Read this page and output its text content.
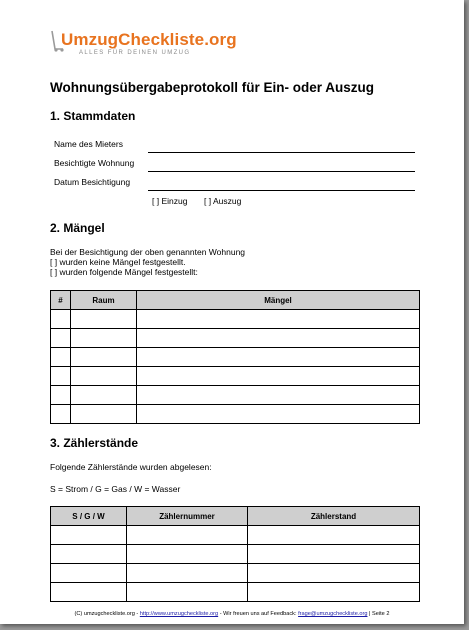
UmzugCheckliste.org
ALLES FÜR DEINEN UMZUG
Wohnungsübergabeprotokoll für Ein- oder Auszug
1. Stammdaten
Name des Mieters
Besichtigte Wohnung
Datum Besichtigung
[ ] Einzug [ ] Auszug
2. Mängel
Bei der Besichtigung der oben genannten Wohnung
[ ] wurden keine Mängel festgestellt.
[ ] wurden folgende Mängel festgestellt:
#	Raum	Mängel

3. Zählerstände
Folgende Zählerstände wurden abgelesen:
S = Strom / G = Gas / W = Wasser
S / G / W	Zählernummer	Zählerstand

(C) umzugcheckliste.org - http://www.umzugcheckliste.org - Wir freuen uns auf Feedback: frage@umzugcheckliste.org | Seite 2
